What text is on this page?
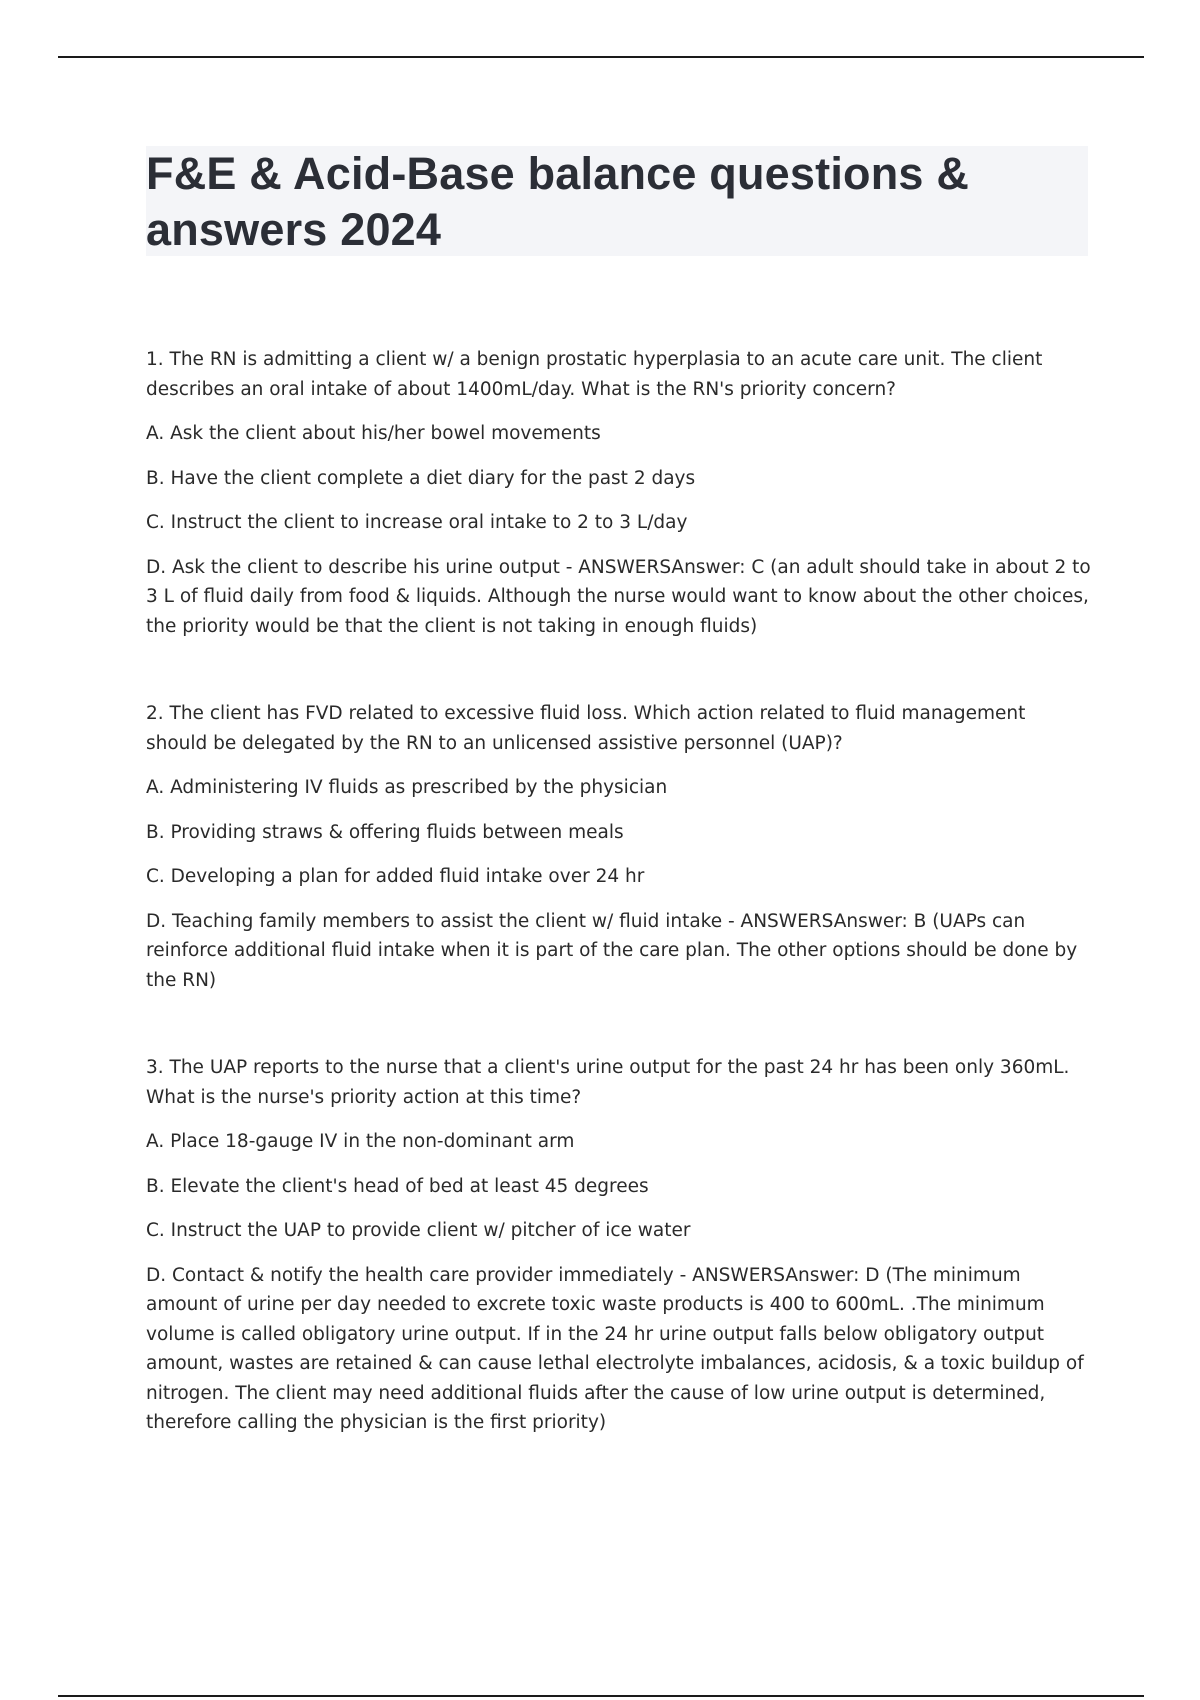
F&E & Acid-Base balance questions & answers 2024

1. The RN is admitting a client w/ a benign prostatic hyperplasia to an acute care unit. The client describes an oral intake of about 1400mL/day. What is the RN's priority concern?

A. Ask the client about his/her bowel movements

B. Have the client complete a diet diary for the past 2 days

C. Instruct the client to increase oral intake to 2 to 3 L/day

D. Ask the client to describe his urine output - ANSWERSAnswer: C (an adult should take in about 2 to 3 L of fluid daily from food & liquids. Although the nurse would want to know about the other choices, the priority would be that the client is not taking in enough fluids)

2. The client has FVD related to excessive fluid loss. Which action related to fluid management should be delegated by the RN to an unlicensed assistive personnel (UAP)?

A. Administering IV fluids as prescribed by the physician

B. Providing straws & offering fluids between meals

C. Developing a plan for added fluid intake over 24 hr

D. Teaching family members to assist the client w/ fluid intake - ANSWERSAnswer: B (UAPs can reinforce additional fluid intake when it is part of the care plan. The other options should be done by the RN)

3. The UAP reports to the nurse that a client's urine output for the past 24 hr has been only 360mL. What is the nurse's priority action at this time?

A. Place 18-gauge IV in the non-dominant arm

B. Elevate the client's head of bed at least 45 degrees

C. Instruct the UAP to provide client w/ pitcher of ice water

D. Contact & notify the health care provider immediately - ANSWERSAnswer: D (The minimum amount of urine per day needed to excrete toxic waste products is 400 to 600mL. .The minimum volume is called obligatory urine output. If in the 24 hr urine output falls below obligatory output amount, wastes are retained & can cause lethal electrolyte imbalances, acidosis, & a toxic buildup of nitrogen. The client may need additional fluids after the cause of low urine output is determined, therefore calling the physician is the first priority)
